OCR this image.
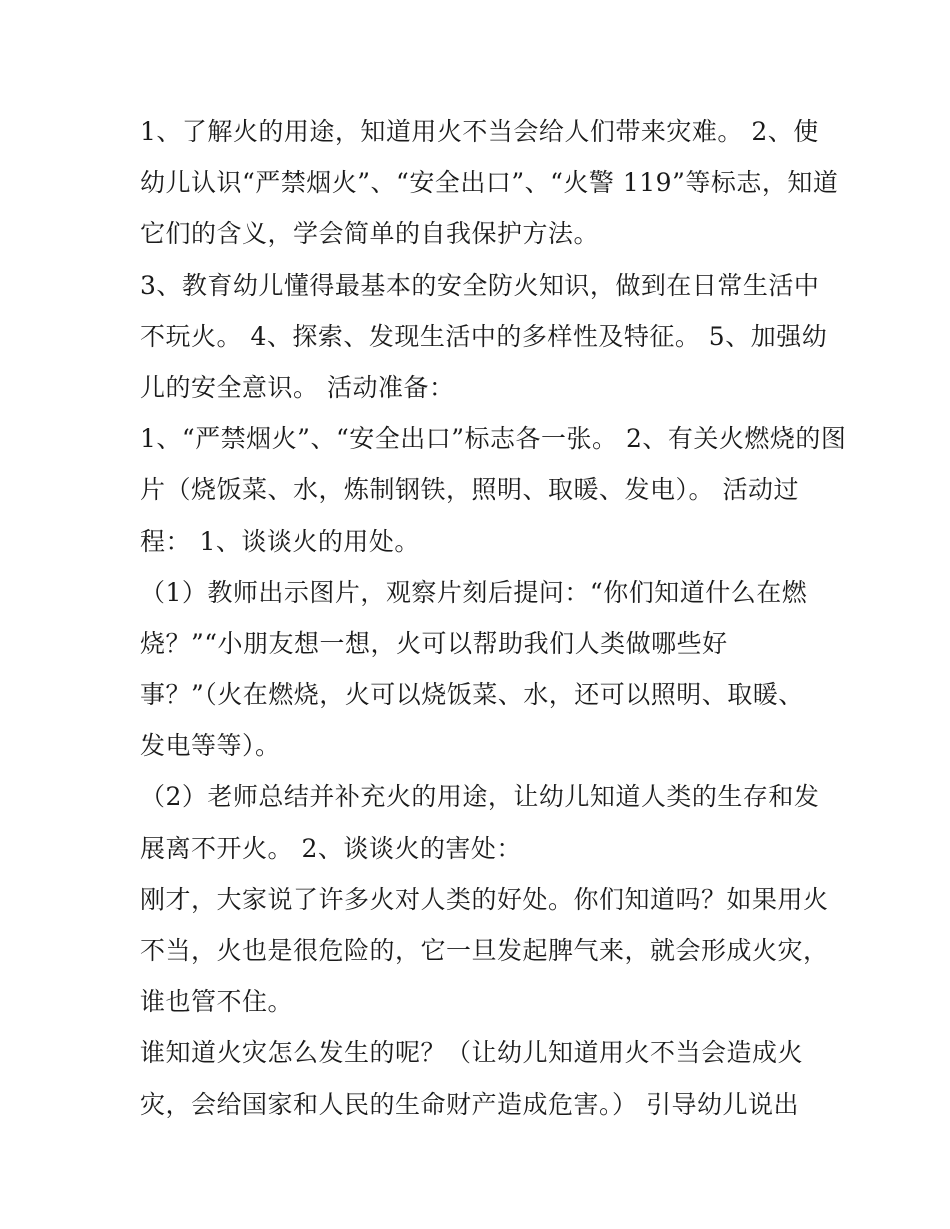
1、了解火的用途，知道用火不当会给人们带来灾难。 2、使
幼儿认识“严禁烟火”、“安全出口”、“火警 119”等标志，知道
它们的含义，学会简单的自我保护方法。
3、教育幼儿懂得最基本的安全防火知识，做到在日常生活中
不玩火。 4、探索、发现生活中的多样性及特征。 5、加强幼
儿的安全意识。 活动准备：
1、“严禁烟火”、“安全出口”标志各一张。 2、有关火燃烧的图
片（烧饭菜、水，炼制钢铁，照明、取暖、发电）。 活动过
程： 1、谈谈火的用处。
（1）教师出示图片，观察片刻后提问：“你们知道什么在燃
烧？”“小朋友想一想，火可以帮助我们人类做哪些好
事？”（火在燃烧，火可以烧饭菜、水，还可以照明、取暖、
发电等等）。
（2）老师总结并补充火的用途，让幼儿知道人类的生存和发
展离不开火。 2、谈谈火的害处：
刚才，大家说了许多火对人类的好处。你们知道吗？如果用火
不当，火也是很危险的，它一旦发起脾气来，就会形成火灾，
谁也管不住。
谁知道火灾怎么发生的呢？（让幼儿知道用火不当会造成火
灾，会给国家和人民的生命财产造成危害。） 引导幼儿说出
